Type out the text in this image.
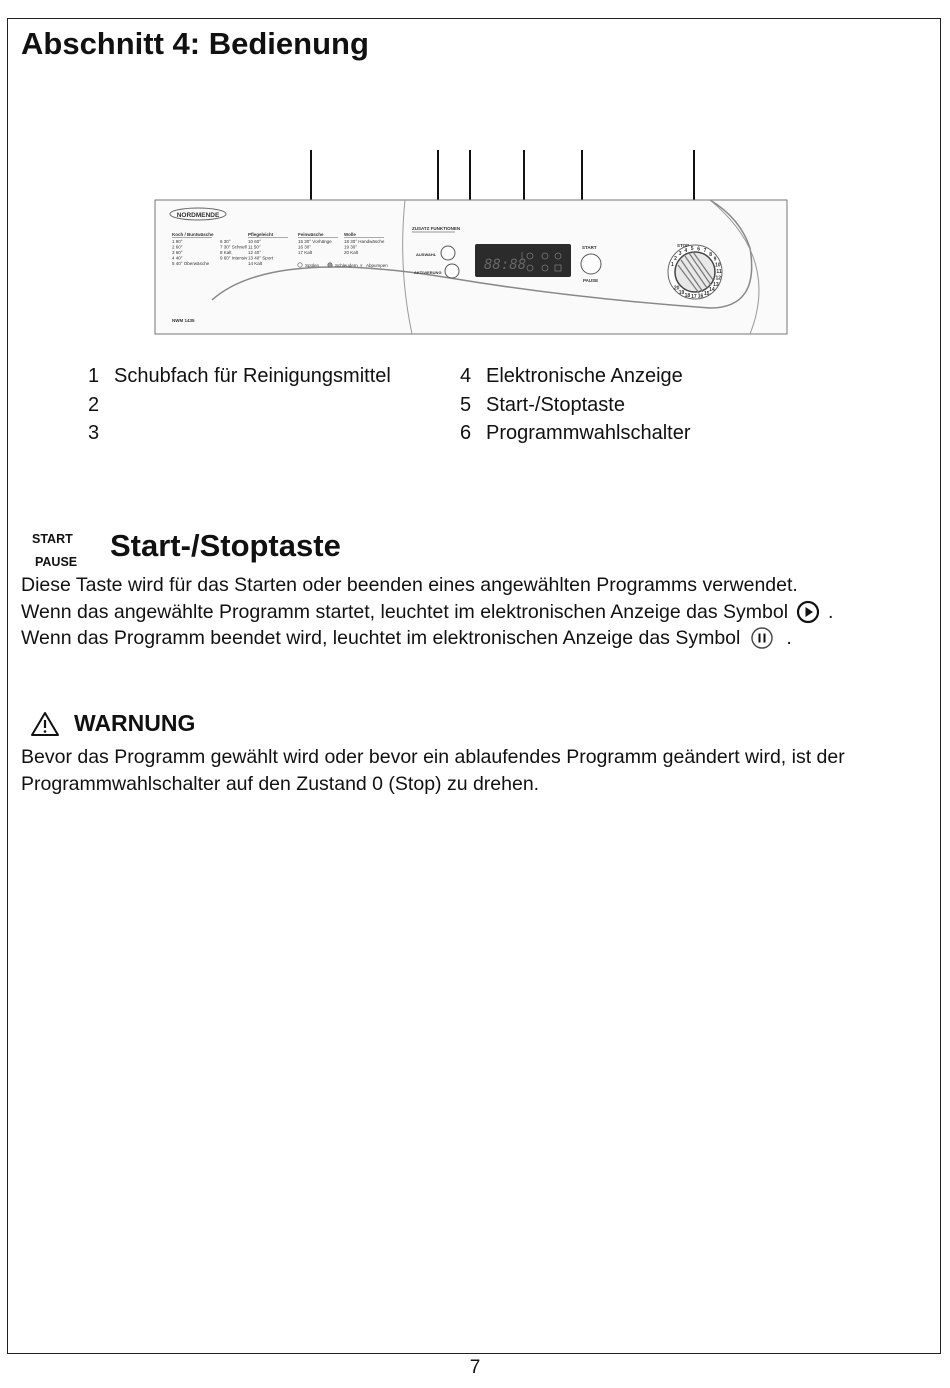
Abschnitt 4: Bedienung
NORDMENDE
Koch / Buntwäsche
1 90°
2 60°
3 60°
4 40°
5 40° Oberwäsche
6 30°
7 30° Schnell
8 Kalt
9 60° Intensiv
Pflegeleicht
10 60°
11 50°
12 40°
13 40° Sport
14 Kalt
Feinwäsche
15 30° Vorhänge
16 30°
17 Kalt
Wolle
18 30° Handwäsche
19 30°
20 Kalt
Spülen	Schleudern ⩔ Abpumpen
NWM 1435
ZUSATZ FUNKTIONEN
AUSWAHL
AKTIVIERUNG	88:88
START
PAUSE
1
2
3
4 5 6 7
8
9
10
11
12
13
14
15
16
17
18
19
20
STOP
1 Schubfach für Reinigungsmittel
2
3
4 Elektronische Anzeige
5 Start-/Stoptaste
6 Programmwahlschalter
START
PAUSE Start-/Stoptaste
Diese Taste wird für das Starten oder beenden eines angewählten Programms verwendet.
Wenn das angewählte Programm startet, leuchtet im elektronischen Anzeige das Symbol .
Wenn das Programm beendet wird, leuchtet im elektronischen Anzeige das Symbol .
WARNUNG
Bevor das Programm gewählt wird oder bevor ein ablaufendes Programm geändert wird, ist der Programmwahlschalter auf den Zustand 0 (Stop) zu drehen.
7
